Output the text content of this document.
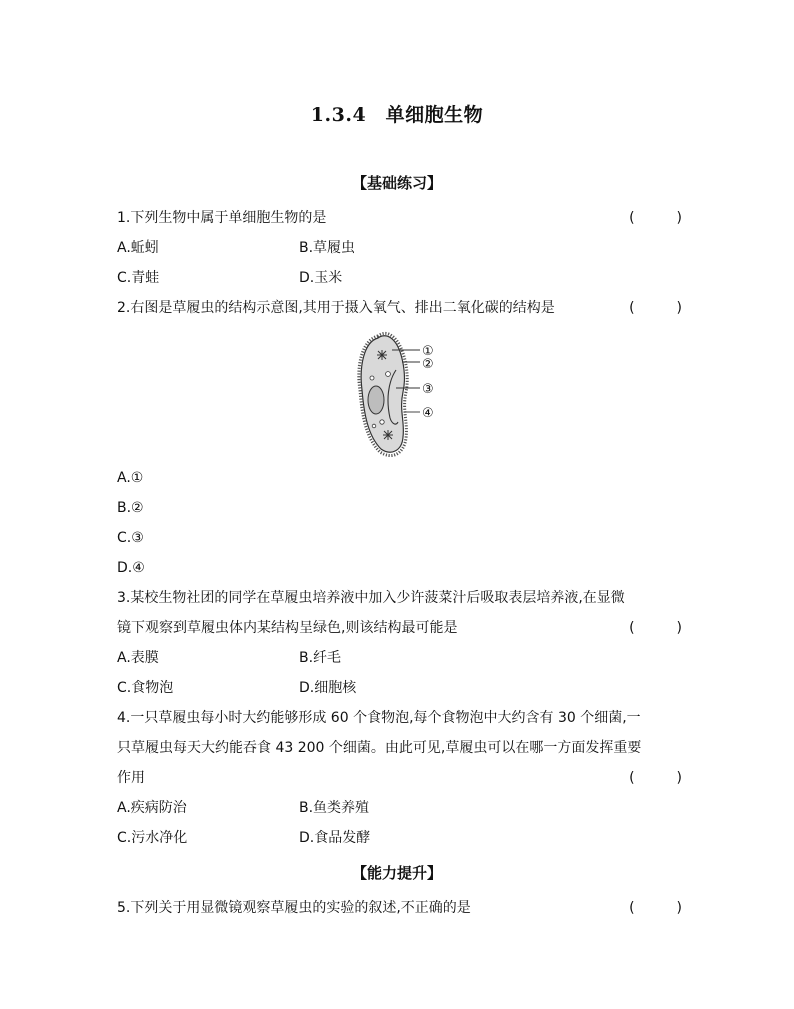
1.3.4　单细胞生物
【基础练习】
1.下列生物中属于单细胞生物的是	(　　　)
A.蚯蚓	B.草履虫
C.青蛙	D.玉米
2.右图是草履虫的结构示意图,其用于摄入氧气、排出二氧化碳的结构是	(　　　)
①
②
③
④
A.①
B.②
C.③
D.④
3.某校生物社团的同学在草履虫培养液中加入少许菠菜汁后吸取表层培养液,在显微
镜下观察到草履虫体内某结构呈绿色,则该结构最可能是	(　　　)
A.表膜	B.纤毛
C.食物泡	D.细胞核
4.一只草履虫每小时大约能够形成 60 个食物泡,每个食物泡中大约含有 30 个细菌,一
只草履虫每天大约能吞食 43 200 个细菌。由此可见,草履虫可以在哪一方面发挥重要
作用	(　　　)
A.疾病防治	B.鱼类养殖
C.污水净化	D.食品发酵
【能力提升】
5.下列关于用显微镜观察草履虫的实验的叙述,不正确的是	(　　　)
